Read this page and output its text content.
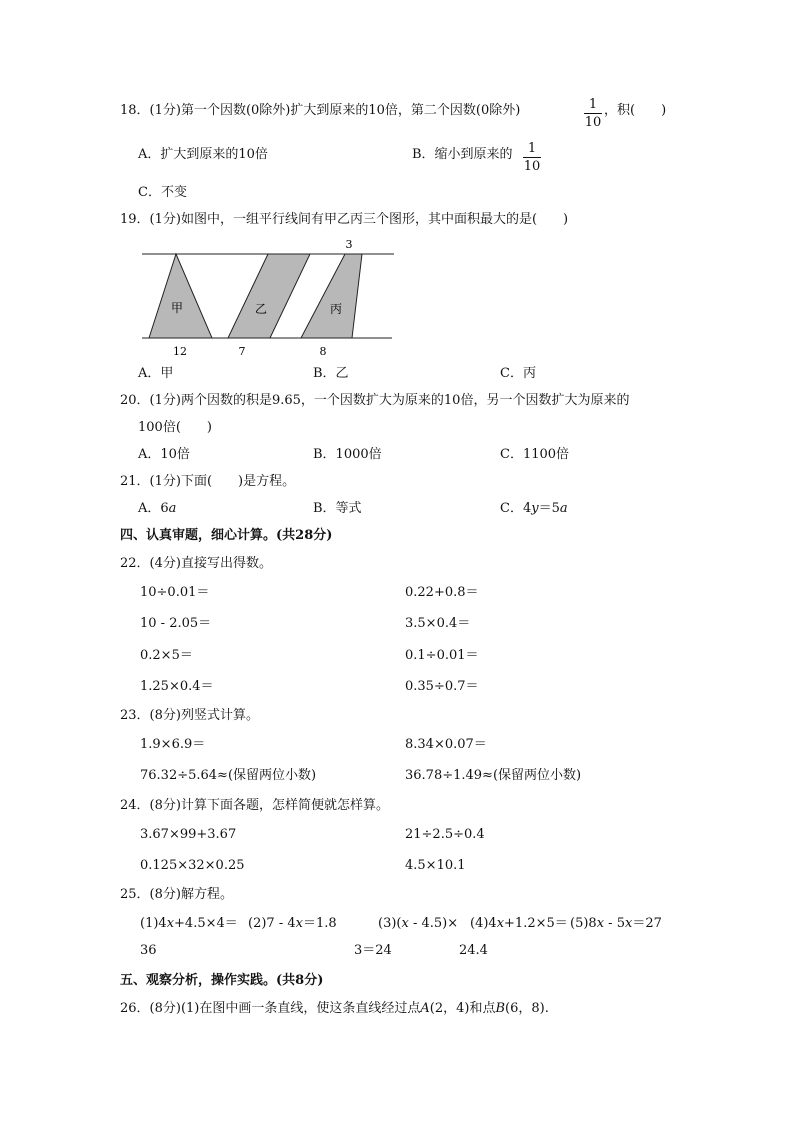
18．(1分)第一个因数(0除外)扩大到原来的10倍，第二个因数(0除外)	1
10
，积(　　)
A．扩大到原来的10倍	B．缩小到原来的	1
10
C．不变
19．(1分)如图中，一组平行线间有甲乙丙三个图形，其中面积最大的是(　　)
3
甲	乙	丙
12	7	8
A．甲	B．乙	C．丙
20．(1分)两个因数的积是9.65，一个因数扩大为原来的10倍，另一个因数扩大为原来的
100倍(　　)
A．10倍	B．1000倍	C．1100倍
21．(1分)下面(　　)是方程。
A．6a	B．等式	C．4y＝5a
四、认真审题，细心计算。(共28分)
22．(4分)直接写出得数。
10÷0.01＝	0.22+0.8＝
10 - 2.05＝	3.5×0.4＝
0.2×5＝	0.1÷0.01＝
1.25×0.4＝	0.35÷0.7＝
23．(8分)列竖式计算。
1.9×6.9＝	8.34×0.07＝
76.32÷5.64≈(保留两位小数)	36.78÷1.49≈(保留两位小数)
24．(8分)计算下面各题，怎样简便就怎样算。
3.67×99+3.67	21÷2.5÷0.4
0.125×32×0.25	4.5×10.1
25．(8分)解方程。
(1)4x+4.5×4＝ (2)7 - 4x＝1.8	(3)(x - 4.5)× (4)4x+1.2×5＝ (5)8x - 5x＝27
36	3＝24	24.4
五、观察分析，操作实践。(共8分)
26．(8分)(1)在图中画一条直线，使这条直线经过点A(2，4)和点B(6，8).
